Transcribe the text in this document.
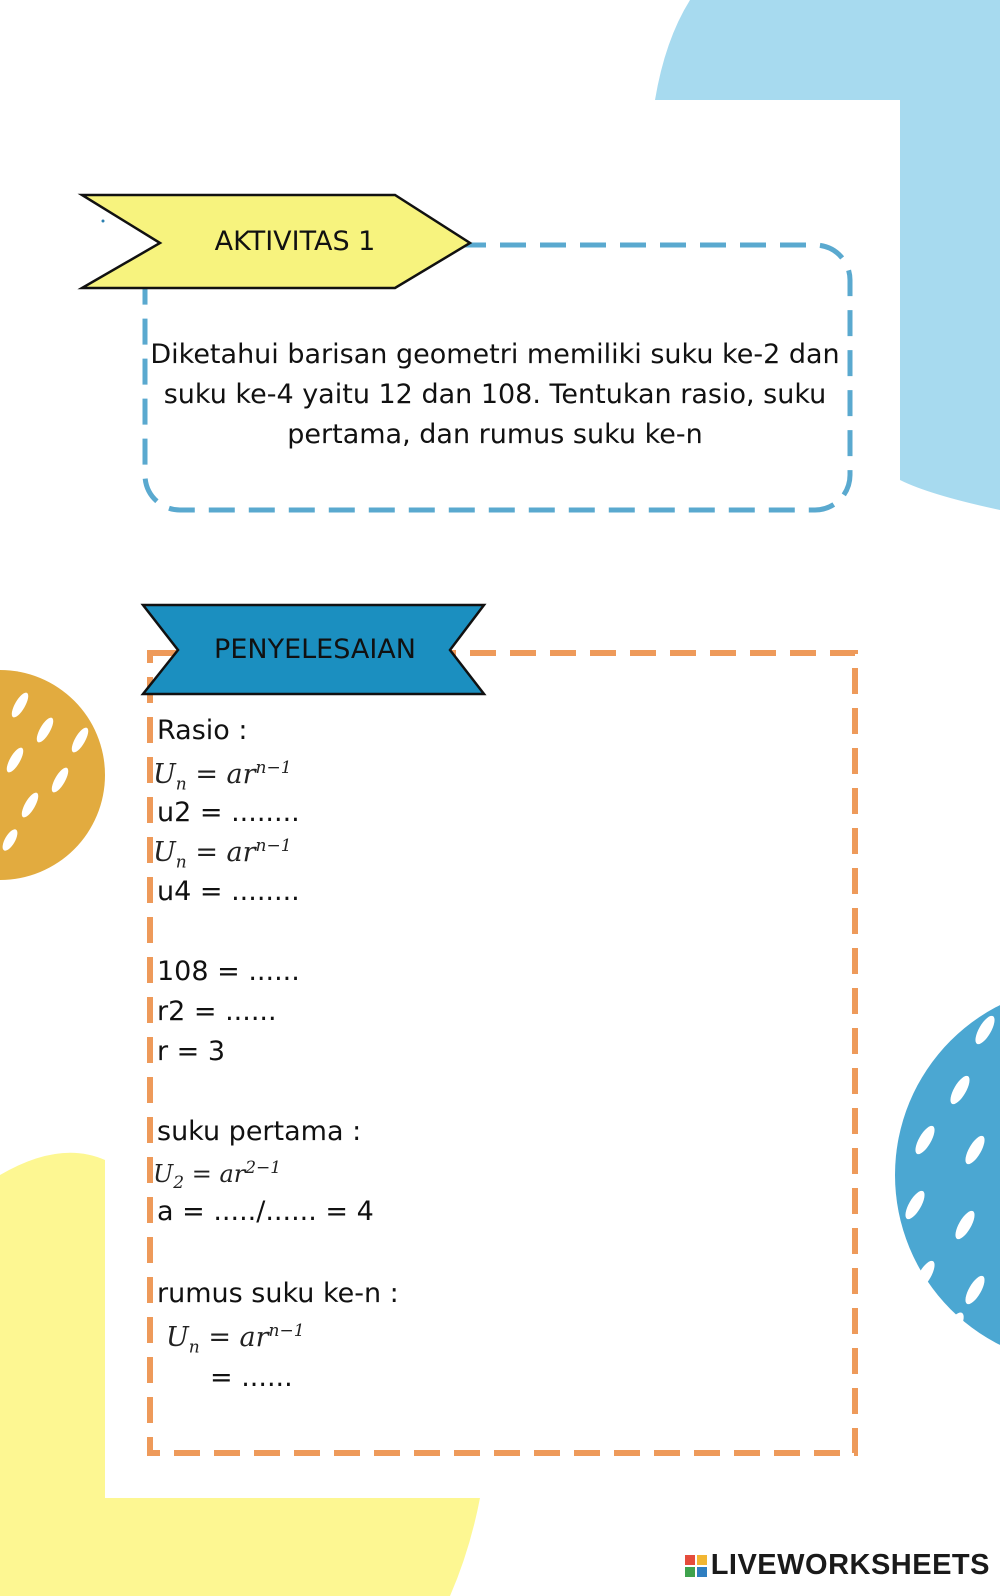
AKTIVITAS 1
PENYELESAIAN
Diketahui barisan geometri memiliki suku ke-2 dan suku ke-4 yaitu 12 dan 108. Tentukan rasio, suku pertama, dan rumus suku ke-n
Rasio :
$U_n = ar^{n-1}$
u2 = ........
$U_n = ar^{n-1}$
u4 = ........
108 = ......
r2 = ......
r = 3
suku pertama :
$U_2 = ar^{2-1}$
a = ...../...... = 4
rumus suku ke-n :
$U_n = ar^{n-1}$
= ......
LIVEWORKSHEETS
